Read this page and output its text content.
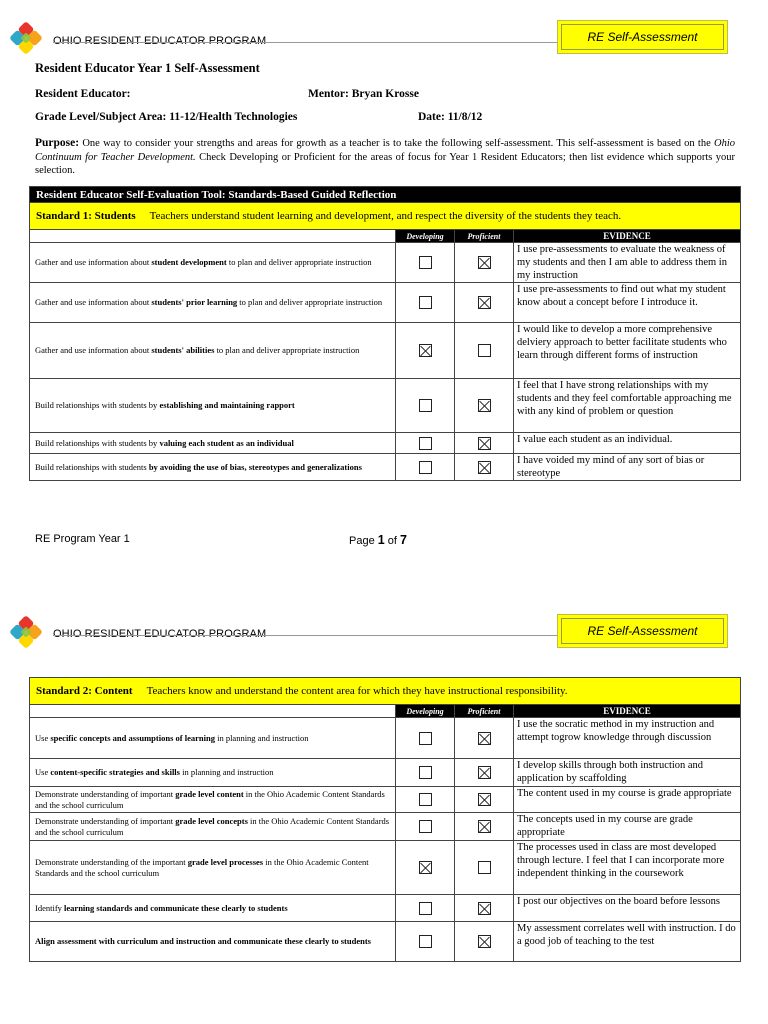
OHIO RESIDENT EDUCATOR PROGRAM	RE Self-Assessment
Resident Educator Year 1 Self-Assessment
Resident Educator:	Mentor: Bryan Krosse
Grade Level/Subject Area: 11-12/Health Technologies	Date: 11/8/12
Purpose: One way to consider your strengths and areas for growth as a teacher is to take the following self-assessment. This self-assessment is based on the Ohio Continuum for Teacher Development. Check Developing or Proficient for the areas of focus for Year 1 Resident Educators; then list evidence which supports your selection.
Resident Educator Self-Evaluation Tool: Standards-Based Guided Reflection			
Standard 1: Students Teachers understand student learning and development, and respect the diversity of the students they teach.			
	Developing	Proficient	EVIDENCE
Gather and use information about student development to plan and deliver appropriate instruction			I use pre-assessments to evaluate the weakness of my students and then I am able to address them in my instruction
Gather and use information about students' prior learning to plan and deliver appropriate instruction			I use pre-assessments to find out what my student know about a concept before I introduce it.
Gather and use information about students' abilities to plan and deliver appropriate instruction			I would like to develop a more comprehensive delviery approach to better facilitate students who learn through different forms of instruction
Build relationships with students by establishing and maintaining rapport			I feel that I have strong relationships with my students and they feel comfortable approaching me with any kind of problem or question
Build relationships with students by valuing each student as an individual			I value each student as an individual.
Build relationships with students by avoiding the use of bias, stereotypes and generalizations			I have voided my mind of any sort of bias or stereotype
RE Program Year 1	Page 1 of 7
OHIO RESIDENT EDUCATOR PROGRAM	RE Self-Assessment
Standard 2: Content Teachers know and understand the content area for which they have instructional responsibility.			
	Developing	Proficient	EVIDENCE
Use specific concepts and assumptions of learning in planning and instruction			I use the socratic method in my instruction and attempt togrow knowledge through discussion
Use content-specific strategies and skills in planning and instruction			I develop skills through both instruction and application by scaffolding
Demonstrate understanding of important grade level content in the Ohio Academic Content Standards and the school curriculum			The content used in my course is grade appropriate
Demonstrate understanding of important grade level concepts in the Ohio Academic Content Standards and the school curriculum			The concepts used in my course are grade appropriate
Demonstrate understanding of the important grade level processes in the Ohio Academic Content Standards and the school curriculum			The processes used in class are most developed through lecture. I feel that I can incorporate more independent thinking in the coursework
Identify learning standards and communicate these clearly to students			I post our objectives on the board before lessons
Align assessment with curriculum and instruction and communicate these clearly to students			My assessment correlates well with instruction. I do a good job of teaching to the test
